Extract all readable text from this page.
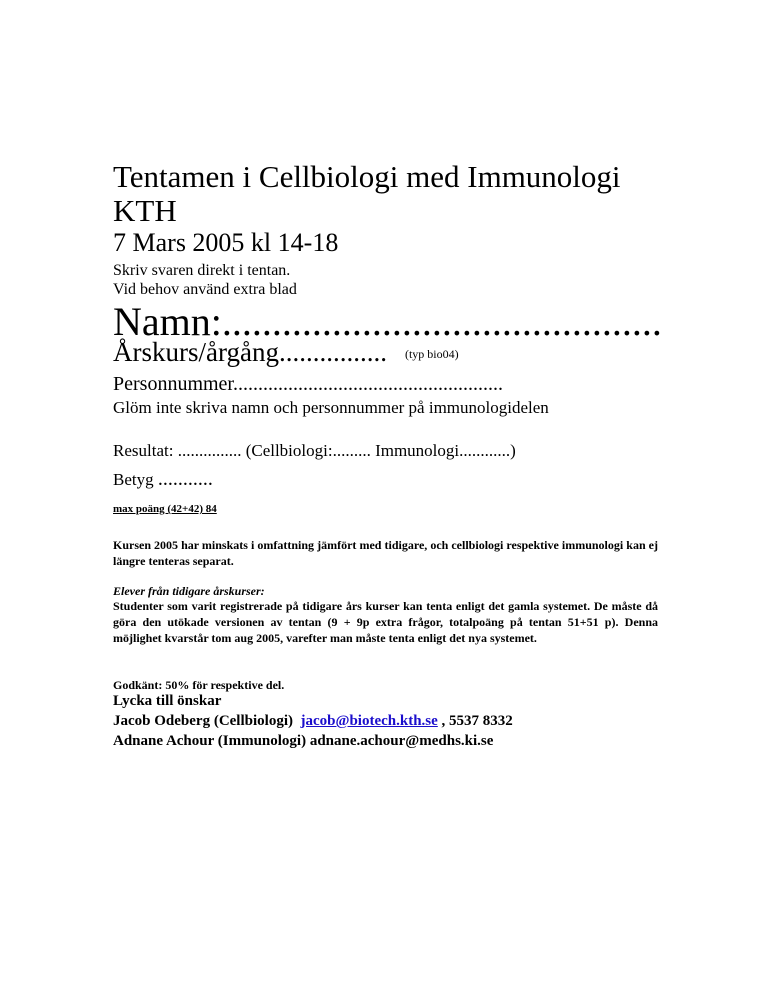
Tentamen i Cellbiologi med Immunologi
KTH
7 Mars 2005 kl 14-18
Skriv svaren direkt i tentan.
Vid behov använd extra blad
Namn:............................................
Årskurs/årgång................ (typ bio04)
Personnummer......................................................
Glöm inte skriva namn och personnummer på immunologidelen
Resultat: ............... (Cellbiologi:......... Immunologi............)
Betyg ...........
max poäng (42+42) 84
Kursen 2005 har minskats i omfattning jämfört med tidigare, och cellbiologi respektive immunologi kan ej längre tenteras separat.
Elever från tidigare årskurser:
Studenter som varit registrerade på tidigare års kurser kan tenta enligt det gamla systemet. De måste då göra den utökade versionen av tentan (9 + 9p extra frågor, totalpoäng på tentan 51+51 p). Denna möjlighet kvarstår tom aug 2005, varefter man måste tenta enligt det nya systemet.
Godkänt: 50% för respektive del.
Lycka till önskar
Jacob Odeberg (Cellbiologi) jacob@biotech.kth.se , 5537 8332
Adnane Achour (Immunologi) adnane.achour@medhs.ki.se
